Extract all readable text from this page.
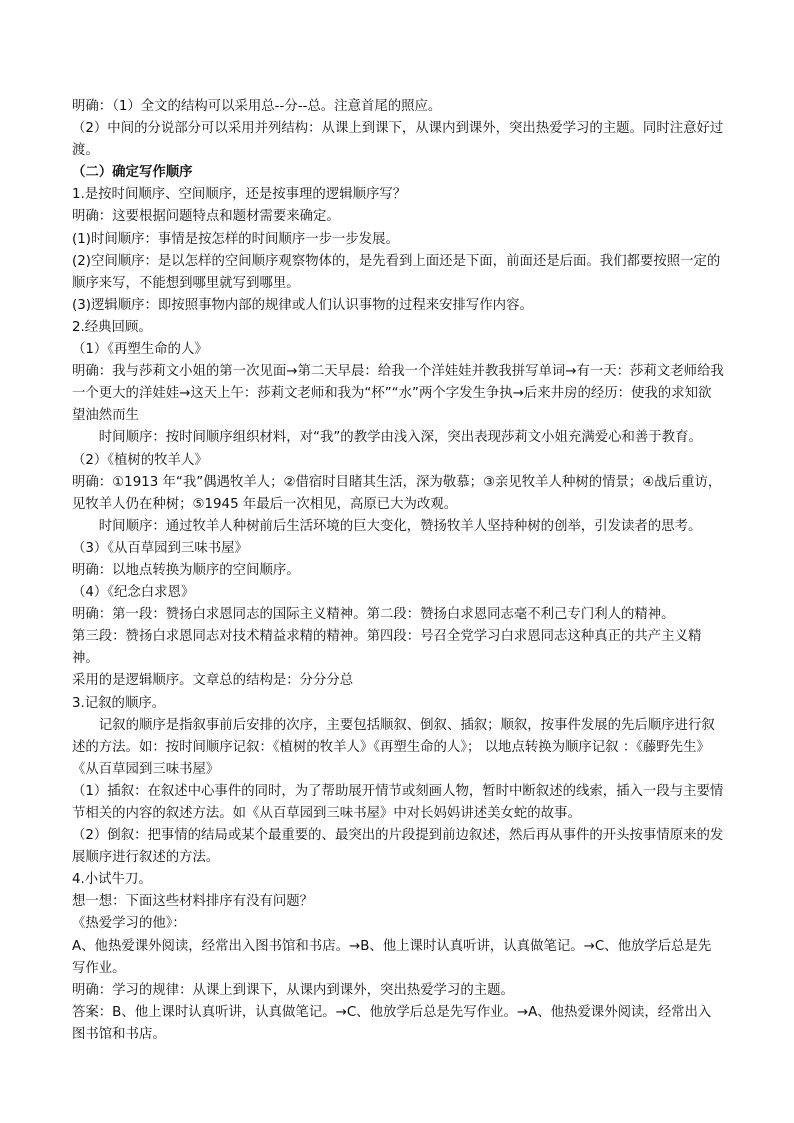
明确：（1）全文的结构可以采用总--分--总。注意首尾的照应。

（2）中间的分说部分可以采用并列结构：从课上到课下，从课内到课外，突出热爱学习的主题。同时注意好过渡。

（二）确定写作顺序

1.是按时间顺序、空间顺序，还是按事理的逻辑顺序写？

明确：这要根据问题特点和题材需要来确定。

(1)时间顺序：事情是按怎样的时间顺序一步一步发展。

(2)空间顺序：是以怎样的空间顺序观察物体的，是先看到上面还是下面，前面还是后面。我们都要按照一定的顺序来写，不能想到哪里就写到哪里。

(3)逻辑顺序：即按照事物内部的规律或人们认识事物的过程来安排写作内容。

2.经典回顾。

（1）《再塑生命的人》

明确：我与莎莉文小姐的第一次见面→第二天早晨：给我一个洋娃娃并教我拼写单词→有一天：莎莉文老师给我一个更大的洋娃娃→这天上午：莎莉文老师和我为“杯”“水”两个字发生争执→后来井房的经历：使我的求知欲望油然而生

时间顺序：按时间顺序组织材料，对“我”的教学由浅入深，突出表现莎莉文小姐充满爱心和善于教育。

（2）《植树的牧羊人》

明确：①1913 年“我”偶遇牧羊人；②借宿时目睹其生活，深为敬慕；③亲见牧羊人种树的情景；④战后重访，见牧羊人仍在种树；⑤1945 年最后一次相见，高原已大为改观。

时间顺序：通过牧羊人种树前后生活环境的巨大变化，赞扬牧羊人坚持种树的创举，引发读者的思考。

（3）《从百草园到三味书屋》

明确：以地点转换为顺序的空间顺序。

（4）《纪念白求恩》

明确：第一段：赞扬白求恩同志的国际主义精神。第二段：赞扬白求恩同志毫不利己专门利人的精神。

第三段：赞扬白求恩同志对技术精益求精的精神。第四段：号召全党学习白求恩同志这种真正的共产主义精神。

采用的是逻辑顺序。文章总的结构是：分分分总

3.记叙的顺序。

记叙的顺序是指叙事前后安排的次序，主要包括顺叙、倒叙、插叙；顺叙，按事件发展的先后顺序进行叙述的方法。如：按时间顺序记叙：《植树的牧羊人》《再塑生命的人》； 以地点转换为顺序记叙 ：《藤野先生》《从百草园到三味书屋》

（1）插叙：在叙述中心事件的同时，为了帮助展开情节或刻画人物，暂时中断叙述的线索，插入一段与主要情节相关的内容的叙述方法。如《从百草园到三味书屋》中对长妈妈讲述美女蛇的故事。

（2）倒叙：把事情的结局或某个最重要的、最突出的片段提到前边叙述，然后再从事件的开头按事情原来的发展顺序进行叙述的方法。

4.小试牛刀。

想一想：下面这些材料排序有没有问题？

《热爱学习的他》：

A、他热爱课外阅读，经常出入图书馆和书店。→B、他上课时认真听讲，认真做笔记。→C、他放学后总是先写作业。

明确：学习的规律：从课上到课下，从课内到课外，突出热爱学习的主题。

答案：B、他上课时认真听讲，认真做笔记。→C、他放学后总是先写作业。→A、他热爱课外阅读，经常出入图书馆和书店。
